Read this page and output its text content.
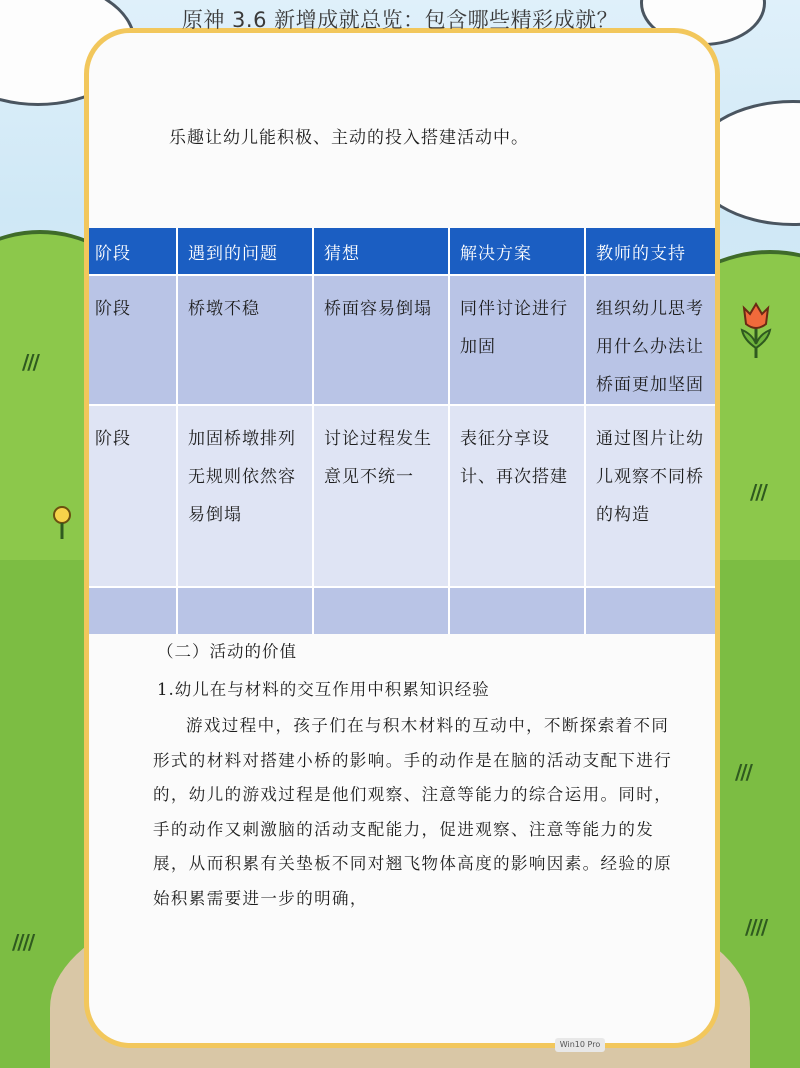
///
///
///
////
////
原神 3.6 新增成就总览：包含哪些精彩成就？
乐趣让幼儿能积极、主动的投入搭建活动中。
阶段	遇到的问题	猜想	解决方案	教师的支持
阶段	桥墩不稳	桥面容易倒塌	同伴讨论进行加固	组织幼儿思考用什么办法让桥面更加坚固
阶段	加固桥墩排列无规则依然容易倒塌	讨论过程发生意见不统一	表征分享设计、再次搭建	通过图片让幼儿观察不同桥的构造

（二）活动的价值
1.幼儿在与材料的交互作用中积累知识经验
游戏过程中，孩子们在与积木材料的互动中，不断探索着不同形式的材料对搭建小桥的影响。手的动作是在脑的活动支配下进行的，幼儿的游戏过程是他们观察、注意等能力的综合运用。同时，手的动作又刺激脑的活动支配能力，促进观察、注意等能力的发展，从而积累有关垫板不同对翘飞物体高度的影响因素。经验的原始积累需要进一步的明确，
Win10 Pro
